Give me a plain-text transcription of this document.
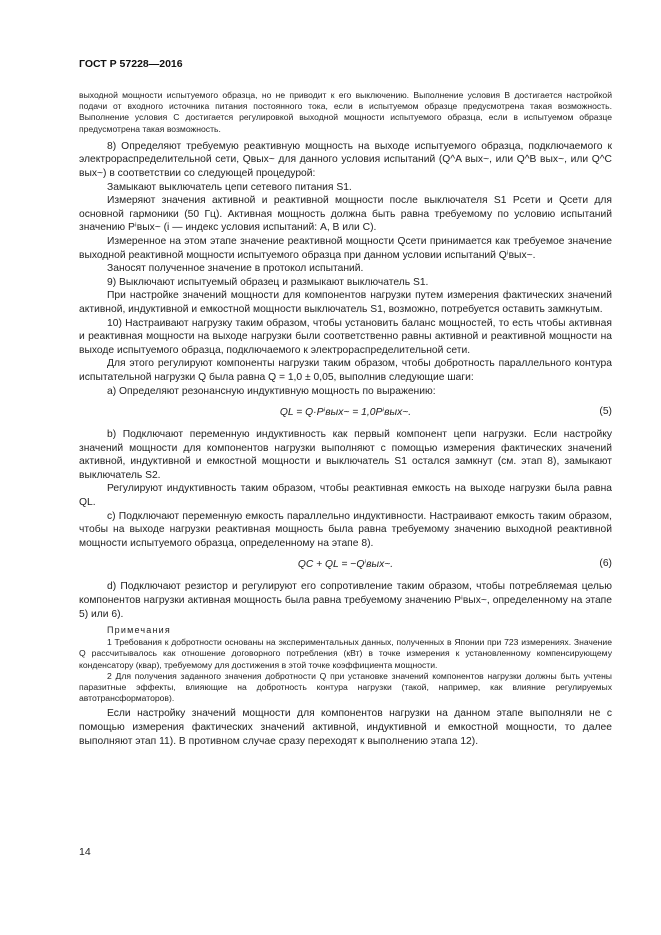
ГОСТ Р 57228—2016

выходной мощности испытуемого образца, но не приводит к его выключению. Выполнение условия B достигается настройкой подачи от входного источника питания постоянного тока, если в испытуемом образце предусмотрена такая возможность. Выполнение условия C достигается регулировкой выходной мощности испытуемого образца, если в испытуемом образце предусмотрена такая возможность.

8) Определяют требуемую реактивную мощность на выходе испытуемого образца, подключаемого к электрораспределительной сети, Qвых~ для данного условия испытаний (Q^A вых~, или Q^B вых~, или Q^C вых~) в соответствии со следующей процедурой:

Замыкают выключатель цепи сетевого питания S1.

Измеряют значения активной и реактивной мощности после выключателя S1 Pсети и Qсети для основной гармоники (50 Гц). Активная мощность должна быть равна требуемому по условию испытаний значению Pⁱвых~ (i — индекс условия испытаний: A, B или C).

Измеренное на этом этапе значение реактивной мощности Qсети принимается как требуемое значение выходной реактивной мощности испытуемого образца при данном условии испытаний Qⁱвых~.

Заносят полученное значение в протокол испытаний.

9) Выключают испытуемый образец и размыкают выключатель S1.

При настройке значений мощности для компонентов нагрузки путем измерения фактических значений активной, индуктивной и емкостной мощности выключатель S1, возможно, потребуется оставить замкнутым.

10) Настраивают нагрузку таким образом, чтобы установить баланс мощностей, то есть чтобы активная и реактивная мощности на выходе нагрузки были соответственно равны активной и реактивной мощности на выходе испытуемого образца, подключаемого к электрораспределительной сети.

Для этого регулируют компоненты нагрузки таким образом, чтобы добротность параллельного контура испытательной нагрузки Q была равна Q = 1,0 ± 0,05, выполнив следующие шаги:

а) Определяют резонансную индуктивную мощность по выражению:

QL = Q·Pⁱвых~ = 1,0Pⁱвых~.	(5)

b) Подключают переменную индуктивность как первый компонент цепи нагрузки. Если настройку значений мощности для компонентов нагрузки выполняют с помощью измерения фактических значений активной, индуктивной и емкостной мощности и выключатель S1 остался замкнут (см. этап 8), замыкают выключатель S2.

Регулируют индуктивность таким образом, чтобы реактивная емкость на выходе нагрузки была равна QL.

c) Подключают переменную емкость параллельно индуктивности. Настраивают емкость таким образом, чтобы на выходе нагрузки реактивная мощность была равна требуемому значению выходной реактивной мощности испытуемого образца, определенному на этапе 8).

QC + QL = −Qⁱвых~.	(6)

d) Подключают резистор и регулируют его сопротивление таким образом, чтобы потребляемая целью компонентов нагрузки активная мощность была равна требуемому значению Pⁱвых~, определенному на этапе 5) или 6).

Примечания

1 Требования к добротности основаны на экспериментальных данных, полученных в Японии при 723 измерениях. Значение Q рассчитывалось как отношение договорного потребления (кВт) в точке измерения к установленному компенсирующему конденсатору (квар), требуемому для достижения в этой точке коэффициента мощности.

2 Для получения заданного значения добротности Q при установке значений компонентов нагрузки должны быть учтены паразитные эффекты, влияющие на добротность контура нагрузки (такой, например, как влияние регулируемых автотрансформаторов).

Если настройку значений мощности для компонентов нагрузки на данном этапе выполняли не с помощью измерения фактических значений активной, индуктивной и емкостной мощности, то далее выполняют этап 11). В противном случае сразу переходят к выполнению этапа 12).

14
